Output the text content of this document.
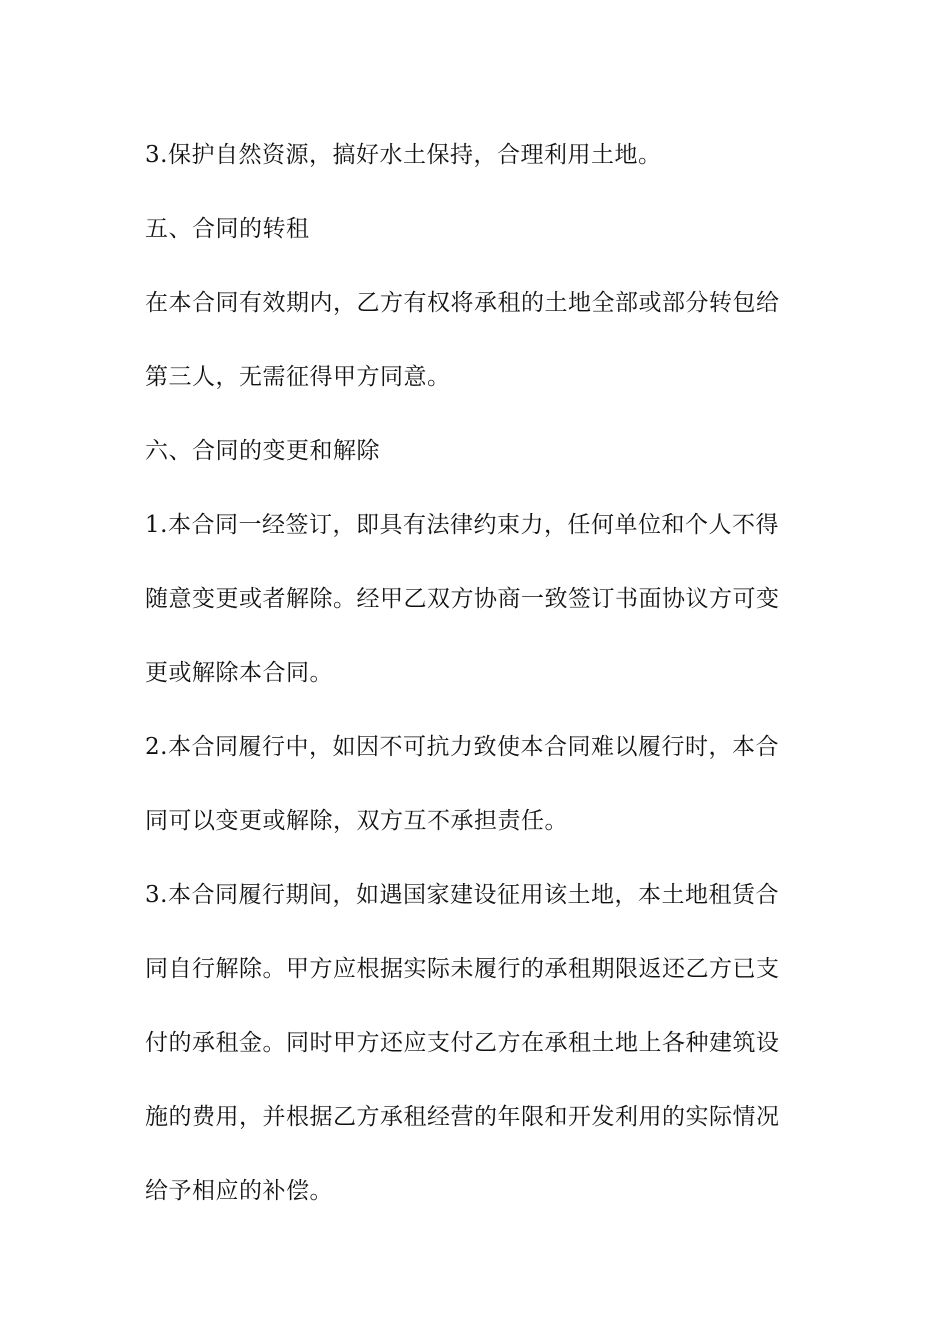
3.保护自然资源，搞好水土保持，合理利用土地。
五、合同的转租
在本合同有效期内，乙方有权将承租的土地全部或部分转包给
第三人，无需征得甲方同意。
六、合同的变更和解除
1.本合同一经签订，即具有法律约束力，任何单位和个人不得
随意变更或者解除。经甲乙双方协商一致签订书面协议方可变
更或解除本合同。
2.本合同履行中，如因不可抗力致使本合同难以履行时，本合
同可以变更或解除，双方互不承担责任。
3.本合同履行期间，如遇国家建设征用该土地，本土地租赁合
同自行解除。甲方应根据实际未履行的承租期限返还乙方已支
付的承租金。同时甲方还应支付乙方在承租土地上各种建筑设
施的费用，并根据乙方承租经营的年限和开发利用的实际情况
给予相应的补偿。
